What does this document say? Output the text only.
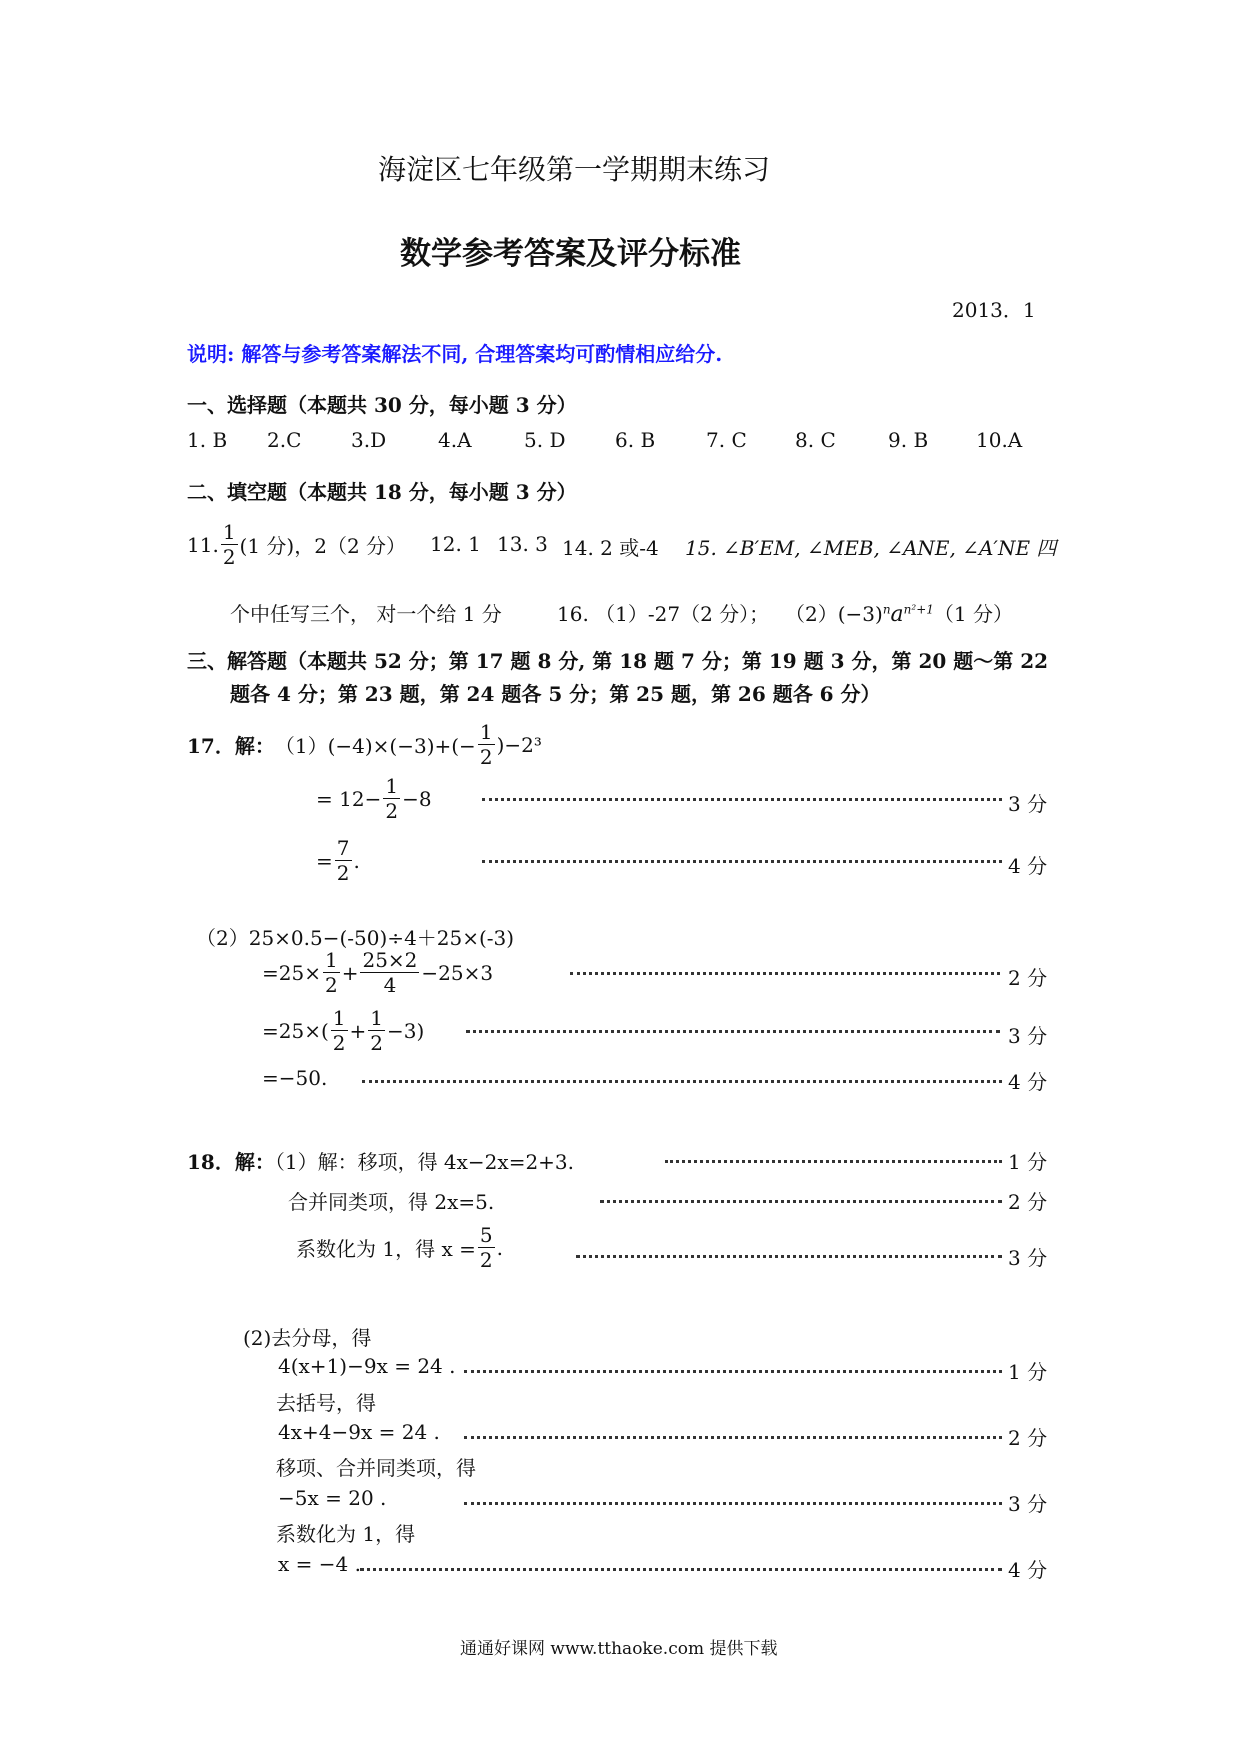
海淀区七年级第一学期期末练习
数学参考答案及评分标准
2013．1
说明: 解答与参考答案解法不同, 合理答案均可酌情相应给分.
一、选择题（本题共 30 分，每小题 3 分）
1. B 2.C 3.D	4.A	5. D 6. B	7. C 8. C	9. B 10.A
二、填空题（本题共 18 分，每小题 3 分）
11. $\frac{1}{2} (1$ 分)，2（2 分） 12. 1 13. 3 14. 2 或-4 15. ∠B′EM, ∠MEB, ∠ANE, ∠A′NE 四
个中任写三个， 对一个给 1 分	16. （1）-27（2 分）； $(2)(-3)^na^{n^2+1}(1$ 分）
三、解答题（本题共 52 分；第 17 题 8 分, 第 18 题 7 分；第 19 题 3 分，第 20 题～第 22
题各 4 分；第 23 题，第 24 题各 5 分；第 25 题，第 26 题各 6 分）
17．解： $(1)(-4)\times(-3)+(- \frac{1}{2} )-2^3$
= $12- \frac{1}{2} -8$	3 分
= $\frac{7}{2}$ .	4 分
（2）25×0.5−(-50)÷4＋25×(-3)
$=25\times \frac{1}{2} + \frac{25\times 2}{4} -25\times 3$	2 分
$=25\times( \frac{1}{2} + \frac{1}{2} -3)$	3 分
=−50.	4 分
18．解：（1）解：移项，得 4x−2x=2+3.	1 分
合并同类项，得 2x=5.	2 分
系数化为 1，得 $x = \frac{5}{2}$ .	3 分
(2)去分母，得
4(x+1)−9x = 24 .	1 分
去括号，得
4x+4−9x = 24 .	2 分
移项、合并同类项，得
−5x = 20 .	3 分
系数化为 1，得
x = −4 .	4 分
通通好课网 www.tthaoke.com 提供下载
